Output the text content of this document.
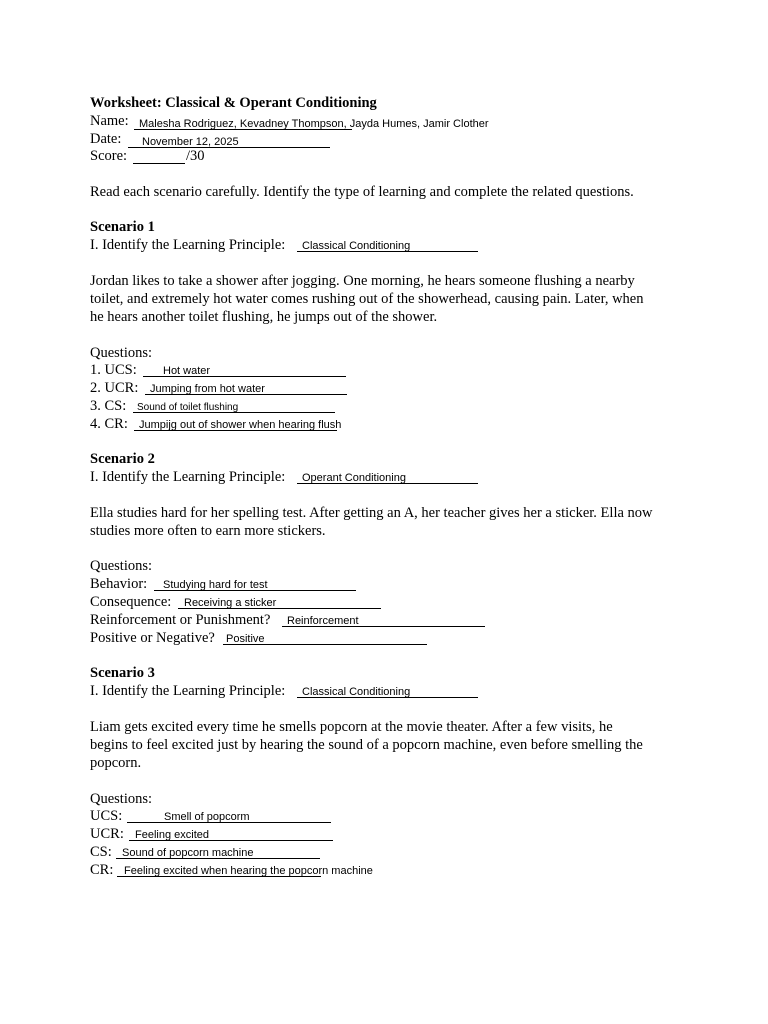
Worksheet: Classical & Operant Conditioning
Name: Malesha Rodriguez, Kevadney Thompson, Jayda Humes, Jamir Clother
Date: November 12, 2025
Score:	/30
Read each scenario carefully. Identify the type of learning and complete the related questions.
Scenario 1
I. Identify the Learning Principle: Classical Conditioning
Jordan likes to take a shower after jogging. One morning, he hears someone flushing a nearby
toilet, and extremely hot water comes rushing out of the showerhead, causing pain. Later, when
he hears another toilet flushing, he jumps out of the shower.
Questions:
1. UCS: Hot water
2. UCR: Jumping from hot water
3. CS: Sound of toilet flushing
4. CR: Jumpijg out of shower when hearing flush
Scenario 2
I. Identify the Learning Principle: Operant Conditioning
Ella studies hard for her spelling test. After getting an A, her teacher gives her a sticker. Ella now
studies more often to earn more stickers.
Questions:
Behavior: Studying hard for test
Consequence: Receiving a sticker
Reinforcement or Punishment? Reinforcement
Positive or Negative? Positive
Scenario 3
I. Identify the Learning Principle: Classical Conditioning
Liam gets excited every time he smells popcorn at the movie theater. After a few visits, he
begins to feel excited just by hearing the sound of a popcorn machine, even before smelling the
popcorn.
Questions:
UCS:	Smell of popcorm
UCR: Feeling excited
CS: Sound of popcorn machine
CR: Feeling excited when hearing the popcorn machine
